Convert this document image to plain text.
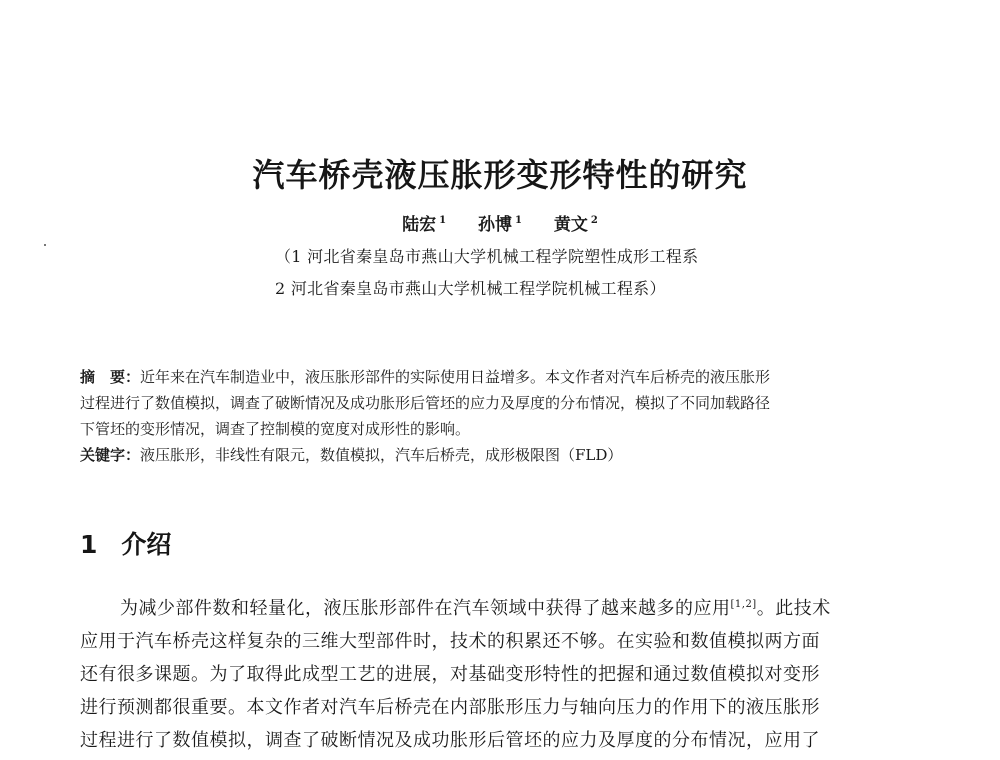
汽车桥壳液压胀形变形特性的研究
陆宏 $^1$ 孙博 $^1$ 黄文 $^2$
（1 河北省秦皇岛市燕山大学机械工程学院塑性成形工程系
2 河北省秦皇岛市燕山大学机械工程学院机械工程系）
摘　要：近年来在汽车制造业中，液压胀形部件的实际使用日益增多。本文作者对汽车后桥壳的液压胀形
过程进行了数值模拟，调查了破断情况及成功胀形后管坯的应力及厚度的分布情况，模拟了不同加载路径
下管坯的变形情况，调查了控制模的宽度对成形性的影响。
关键字：液压胀形，非线性有限元，数值模拟，汽车后桥壳，成形极限图（FLD）
1 介绍
为减少部件数和轻量化，液压胀形部件在汽车领域中获得了越来越多的应用[1,2]。此技术
应用于汽车桥壳这样复杂的三维大型部件时，技术的积累还不够。在实验和数值模拟两方面
还有很多课题。为了取得此成型工艺的进展，对基础变形特性的把握和通过数值模拟对变形
进行预测都很重要。本文作者对汽车后桥壳在内部胀形压力与轴向压力的作用下的液压胀形
过程进行了数值模拟，调查了破断情况及成功胀形后管坯的应力及厚度的分布情况，应用了
